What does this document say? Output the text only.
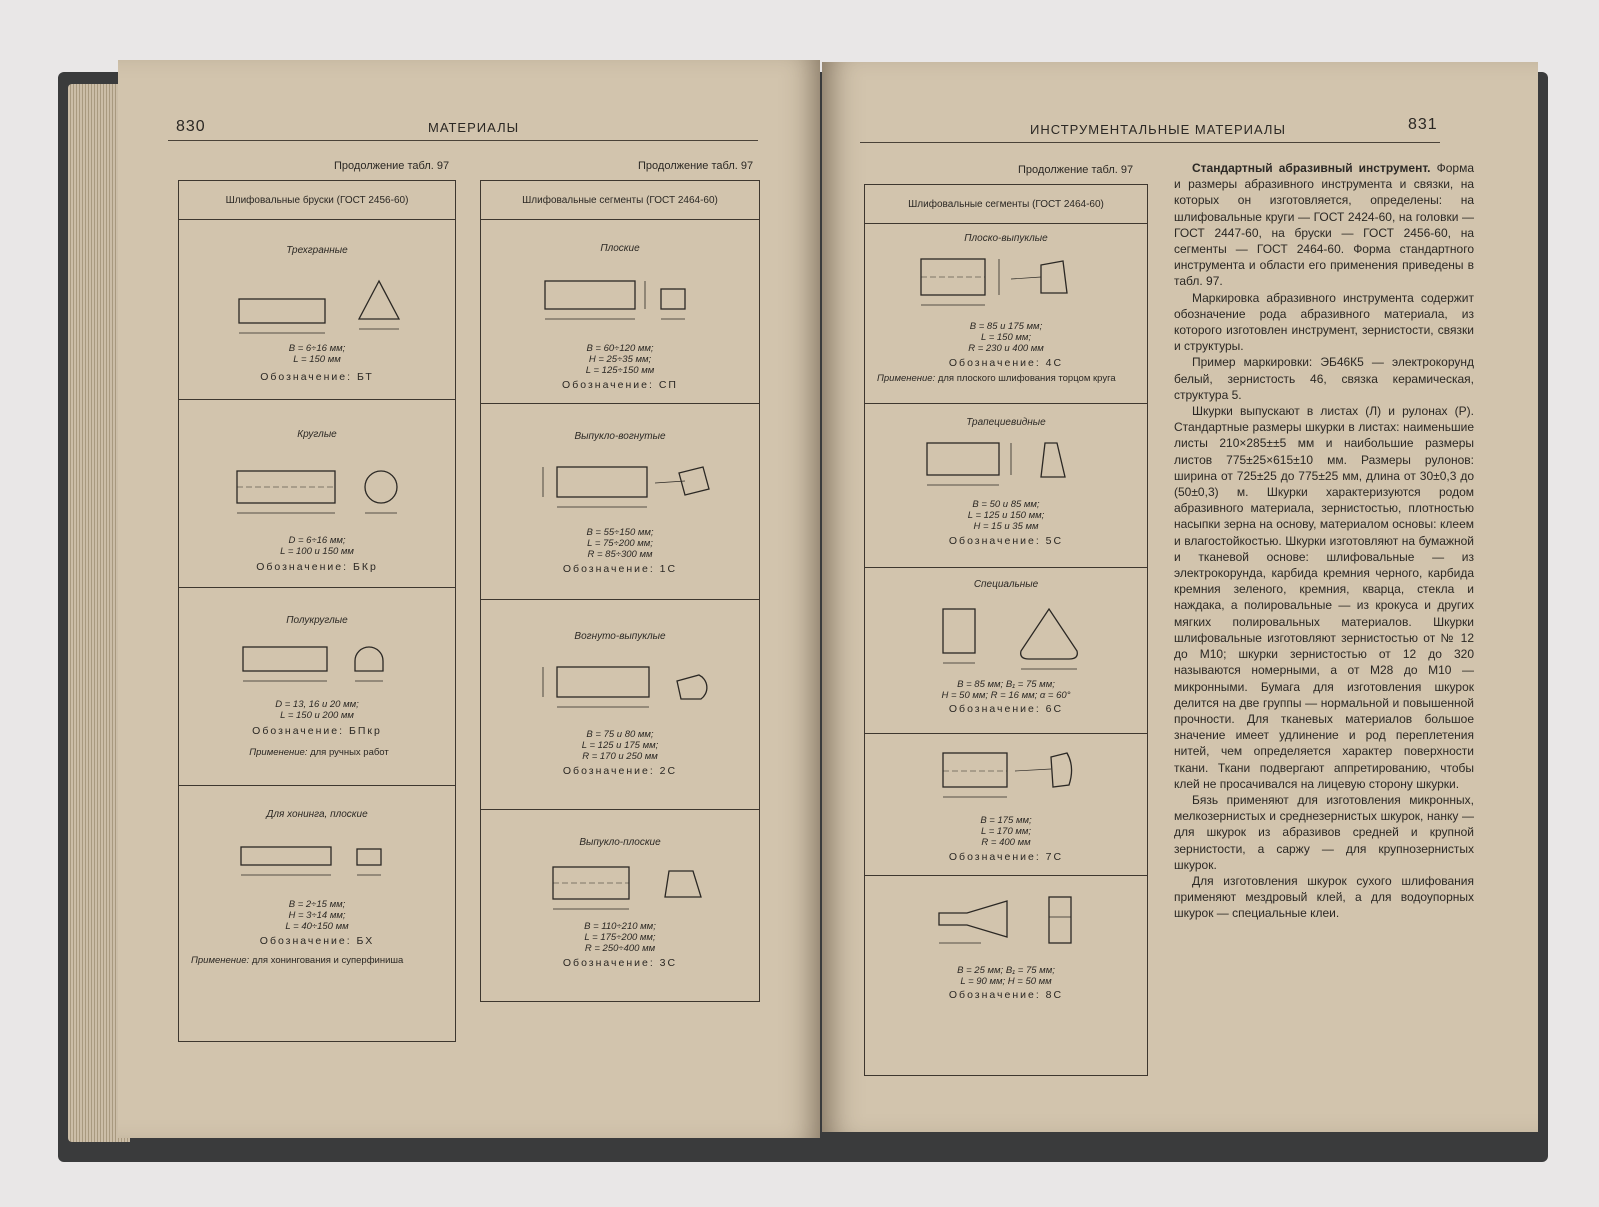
830	МАТЕРИАЛЫ
Продолжение табл. 97	Продолжение табл. 97
Шлифовальные бруски (ГОСТ 2456-60)
Трехгранные
B = 6÷16 мм;
L = 150 мм
Обозначение: БТ
Круглые
D = 6÷16 мм;
L = 100 и 150 мм
Обозначение: БКр
Полукруглые
D = 13, 16 и 20 мм;
L = 150 и 200 мм
Обозначение: БПкр
Применение: для ручных работ
Для хонинга, плоские
B = 2÷15 мм;
H = 3÷14 мм;
L = 40÷150 мм
Обозначение: БХ
Применение: для хонингования и суперфиниша
Шлифовальные сегменты (ГОСТ 2464-60)
Плоские
B = 60÷120 мм;
H = 25÷35 мм;
L = 125÷150 мм
Обозначение: СП
Выпукло-вогнутые
B = 55÷150 мм;
L = 75÷200 мм;
R = 85÷300 мм
Обозначение: 1С
Вогнуто-выпуклые
B = 75 и 80 мм;
L = 125 и 175 мм;
R = 170 и 250 мм
Обозначение: 2С
Выпукло-плоские
B = 110÷210 мм;
L = 175÷200 мм;
R = 250÷400 мм
Обозначение: 3С
ИНСТРУМЕНТАЛЬНЫЕ МАТЕРИАЛЫ	831
Продолжение табл. 97
Шлифовальные сегменты (ГОСТ 2464-60)
Плоско-выпуклые
B = 85 и 175 мм;
L = 150 мм;
R = 230 и 400 мм
Обозначение: 4С
Применение: для плоского шлифования торцом круга
Трапециевидные
B = 50 и 85 мм;
L = 125 и 150 мм;
H = 15 и 35 мм
Обозначение: 5С
Специальные
B = 85 мм; B₁ = 75 мм;
H = 50 мм; R = 16 мм; α = 60°
Обозначение: 6С
B = 175 мм;
L = 170 мм;
R = 400 мм
Обозначение: 7С
B = 25 мм; B₁ = 75 мм;
L = 90 мм; H = 50 мм
Обозначение: 8С

Стандартный абразивный инструмент. Форма и размеры абразивного инструмента и связки, на которых он изготовляется, определены: на шлифовальные круги — ГОСТ 2424-60, на головки — ГОСТ 2447-60, на бруски — ГОСТ 2456-60, на сегменты — ГОСТ 2464-60. Форма стандартного инструмента и области его применения приведены в табл. 97.

Маркировка абразивного инструмента содержит обозначение рода абразивного материала, из которого изготовлен инструмент, зернистости, связки и структуры.

Пример маркировки: ЭБ46К5 — электрокорунд белый, зернистость 46, связка керамическая, структура 5.

Шкурки выпускают в листах (Л) и рулонах (Р). Стандартные размеры шкурки в листах: наименьшие листы 210×285±±5 мм и наибольшие размеры листов 775±25×615±10 мм. Размеры рулонов: ширина от 725±25 до 775±25 мм, длина от 30±0,3 до (50±0,3) м. Шкурки характеризуются родом абразивного материала, зернистостью, плотностью насыпки зерна на основу, материалом основы: клеем и влагостойкостью. Шкурки изготовляют на бумажной и тканевой основе: шлифовальные — из электрокорунда, карбида кремния черного, карбида кремния зеленого, кремния, кварца, стекла и наждака, а полировальные — из крокуса и других мягких полировальных материалов. Шкурки шлифовальные изготовляют зернистостью от № 12 до М10; шкурки зернистостью от 12 до 320 называются номерными, а от М28 до М10 — микронными. Бумага для изготовления шкурок делится на две группы — нормальной и повышенной прочности. Для тканевых материалов большое значение имеет удлинение и род переплетения нитей, чем определяется характер поверхности ткани. Ткани подвергают аппретированию, чтобы клей не просачивался на лицевую сторону шкурки.

Бязь применяют для изготовления микронных, мелкозернистых и среднезернистых шкурок, нанку — для шкурок из абразивов средней и крупной зернистости, а саржу — для крупнозернистых шкурок.

Для изготовления шкурок сухого шлифования применяют мездровый клей, а для водоупорных шкурок — специальные клеи.
